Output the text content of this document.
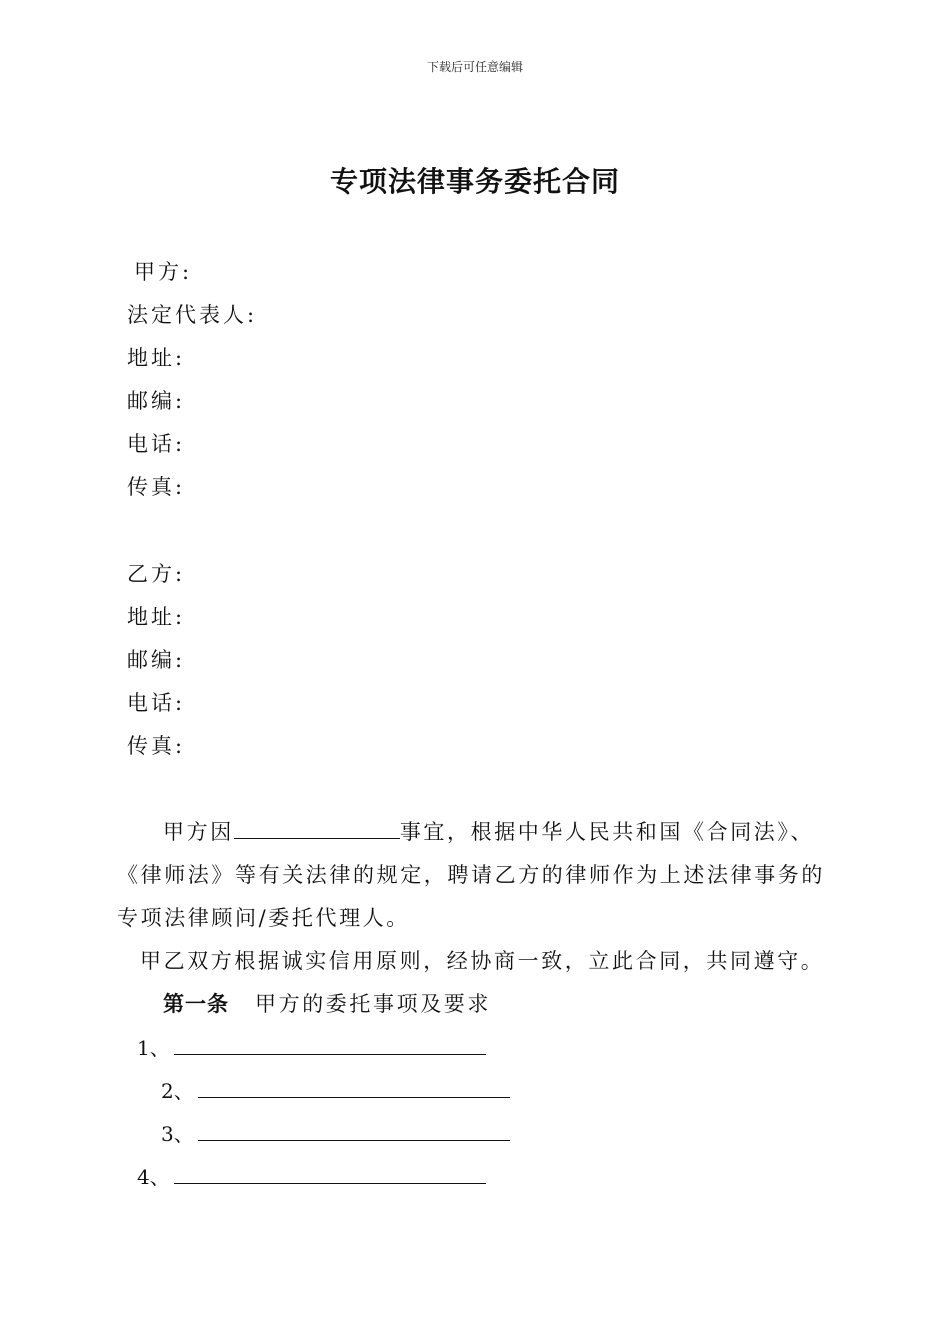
下载后可任意编辑
专项法律事务委托合同
甲方:
法定代表人:
地址:
邮编:
电话:
传真:
乙方:
地址:
邮编:
电话:
传真:
甲方因	事宜，根据中华人民共和国《合同法》、
《律师法》等有关法律的规定，聘请乙方的律师作为上述法律事务的
专项法律顾问/委托代理人。
甲乙双方根据诚实信用原则，经协商一致，立此合同，共同遵守。
第一条 甲方的委托事项及要求
1、
2、
3、
4、
